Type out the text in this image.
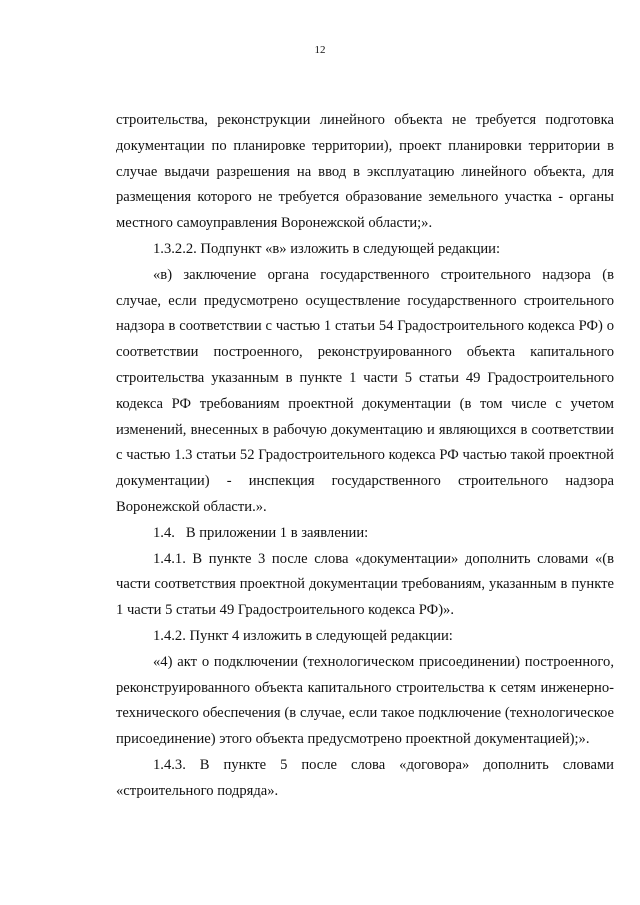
12

строительства, реконструкции линейного объекта не требуется подготовка документации по планировке территории), проект планировки территории в случае выдачи разрешения на ввод в эксплуатацию линейного объекта, для размещения которого не требуется образование земельного участка - органы местного самоуправления Воронежской области;».

1.3.2.2. Подпункт «в» изложить в следующей редакции:

«в) заключение органа государственного строительного надзора (в случае, если предусмотрено осуществление государственного строительного надзора в соответствии с частью 1 статьи 54 Градостроительного кодекса РФ) о соответствии построенного, реконструированного объекта капитального строительства указанным в пункте 1 части 5 статьи 49 Градостроительного кодекса РФ требованиям проектной документации (в том числе с учетом изменений, внесенных в рабочую документацию и являющихся в соответствии с частью 1.3 статьи 52 Градостроительного кодекса РФ частью такой проектной документации) - инспекция государственного строительного надзора Воронежской области.».

1.4.   В приложении 1 в заявлении:

1.4.1. В пункте 3 после слова «документации» дополнить словами «(в части соответствия проектной документации требованиям, указанным в пункте 1 части 5 статьи 49 Градостроительного кодекса РФ)».

1.4.2. Пункт 4 изложить в следующей редакции:

«4) акт о подключении (технологическом присоединении) построенного, реконструированного объекта капитального строительства к сетям инженерно-технического обеспечения (в случае, если такое подключение (технологическое присоединение) этого объекта предусмотрено проектной документацией);».

1.4.3. В пункте 5 после слова «договора» дополнить словами «строительного подряда».
